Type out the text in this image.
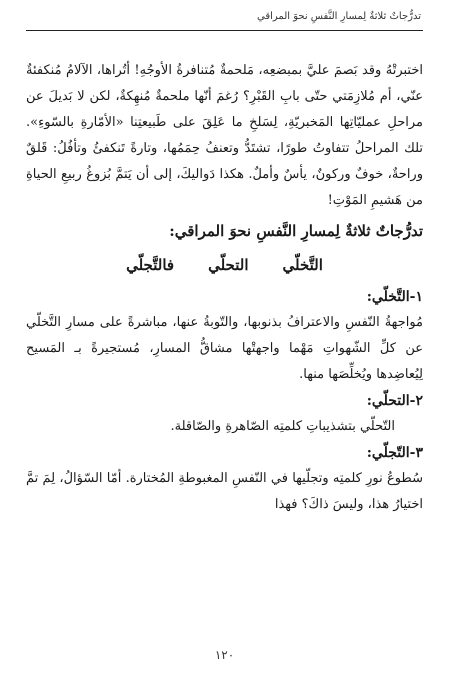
تدرُّجاتٌ ثلاثةٌ لِمسارِ النَّفسِ نحوَ المراقي

اختبرتْهُ وقد بَصمَ عليَّ بمبضعِه، مَلحمةٌ مُتنافرةُ الأوجُهِ! أتُراها، الآلامُ مُنكفئةٌ عنّي، أم مُلازِمَتي حتّى بابِ القَبْرِ؟ رُغمَ أنّها ملحمةٌ مُنهِكةٌ، لكن لا بَديلَ عن مراحلِ عمليّاتِها المَخبريّةِ، لِسَلخِ ما عَلِقَ على طَبيعتِنا «الأمّارةِ بالسّوءِ». تلك المراحلُ تتفاوتُ طورًا، تشتَدُّ وتعنفُ حِمَمُها، وتارةً تَنكفئُ وتأفُلُ: قَلقٌ وراحةٌ، خوفٌ وركونٌ، يأسٌ وأملٌ. هكذا دَواليكَ، إلى أن يَتمَّ بُزوغُ ربيعِ الحياةِ من هَشيمِ المَوْتِ!

تدرُّجاتٌ ثلاثةٌ لِمسارِ النَّفسِ نحوَ المراقي:

التَّخلّي
التحلّي
فالتَّجلّي

١-التَّخلّي:

مُواجهةُ النّفسِ والاعترافُ بذنوبها، والتّوبةُ عنها، مباشرةً على مسارِ التَّخلّي عن كلِّ الشّهواتِ مَهْما واجهتْها مشاقُّ المسارِ، مُستجيرةً بـ المَسيح لِيُعاضِدها ويُخلِّصَها منها.

٢-التحلّي:

التّحلّي بتشذيباتِ كلمتِه الصّاهرةِ والصّاقلة.

٣-التّجلّي:

سُطوعُ نورِ كلمتِه وتجلّيها في النّفسِ المغبوطةِ المُختارة. أمّا السّؤالُ، لِمَ تمَّ اختيارُ هذا، وليسَ ذاكَ؟ فهذا

١٢٠
